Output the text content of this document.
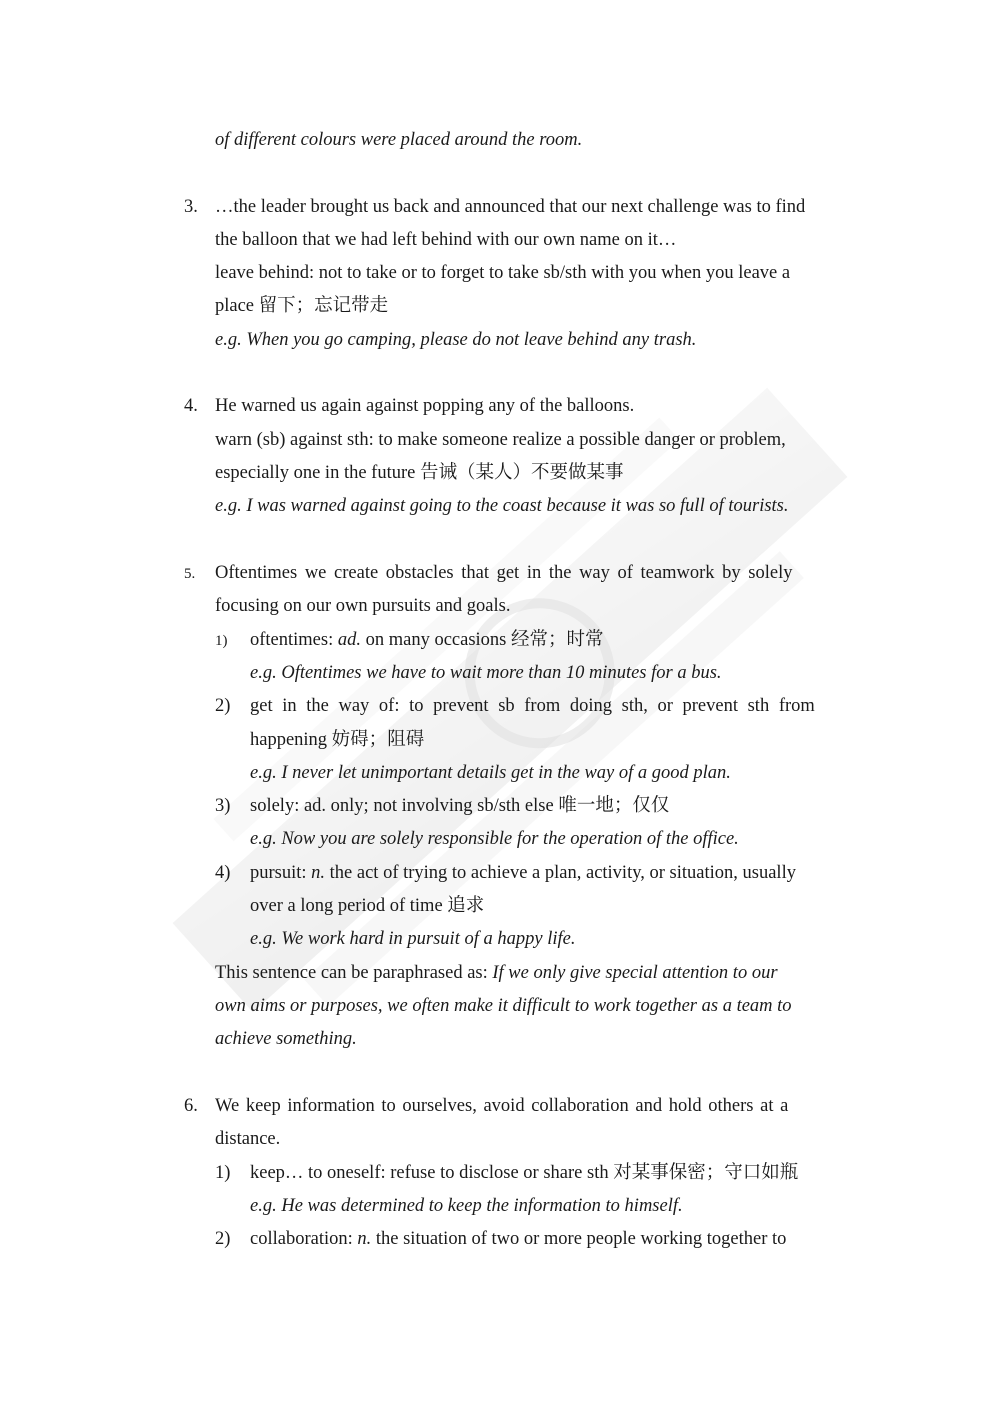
of different colours were placed around the room.
3. …the leader brought us back and announced that our next challenge was to find
the balloon that we had left behind with our own name on it…
leave behind: not to take or to forget to take sb/sth with you when you leave a
place 留下；忘记带走
e.g. When you go camping, please do not leave behind any trash.
4. He warned us again against popping any of the balloons.
warn (sb) against sth: to make someone realize a possible danger or problem,
especially one in the future 告诫（某人）不要做某事
e.g. I was warned against going to the coast because it was so full of tourists.
5. Oftentimes we create obstacles that get in the way of teamwork by solely
focusing on our own pursuits and goals.
1) oftentimes: ad. on many occasions 经常；时常
e.g. Oftentimes we have to wait more than 10 minutes for a bus.
2) get in the way of: to prevent sb from doing sth, or prevent sth from
happening 妨碍；阻碍
e.g. I never let unimportant details get in the way of a good plan.
3) solely: ad. only; not involving sb/sth else 唯一地；仅仅
e.g. Now you are solely responsible for the operation of the office.
4) pursuit: n. the act of trying to achieve a plan, activity, or situation, usually
over a long period of time 追求
e.g. We work hard in pursuit of a happy life.
This sentence can be paraphrased as: If we only give special attention to our
own aims or purposes, we often make it difficult to work together as a team to
achieve something.
6. We keep information to ourselves, avoid collaboration and hold others at a
distance.
1) keep… to oneself: refuse to disclose or share sth 对某事保密；守口如瓶
e.g. He was determined to keep the information to himself.
2) collaboration: n. the situation of two or more people working together to
